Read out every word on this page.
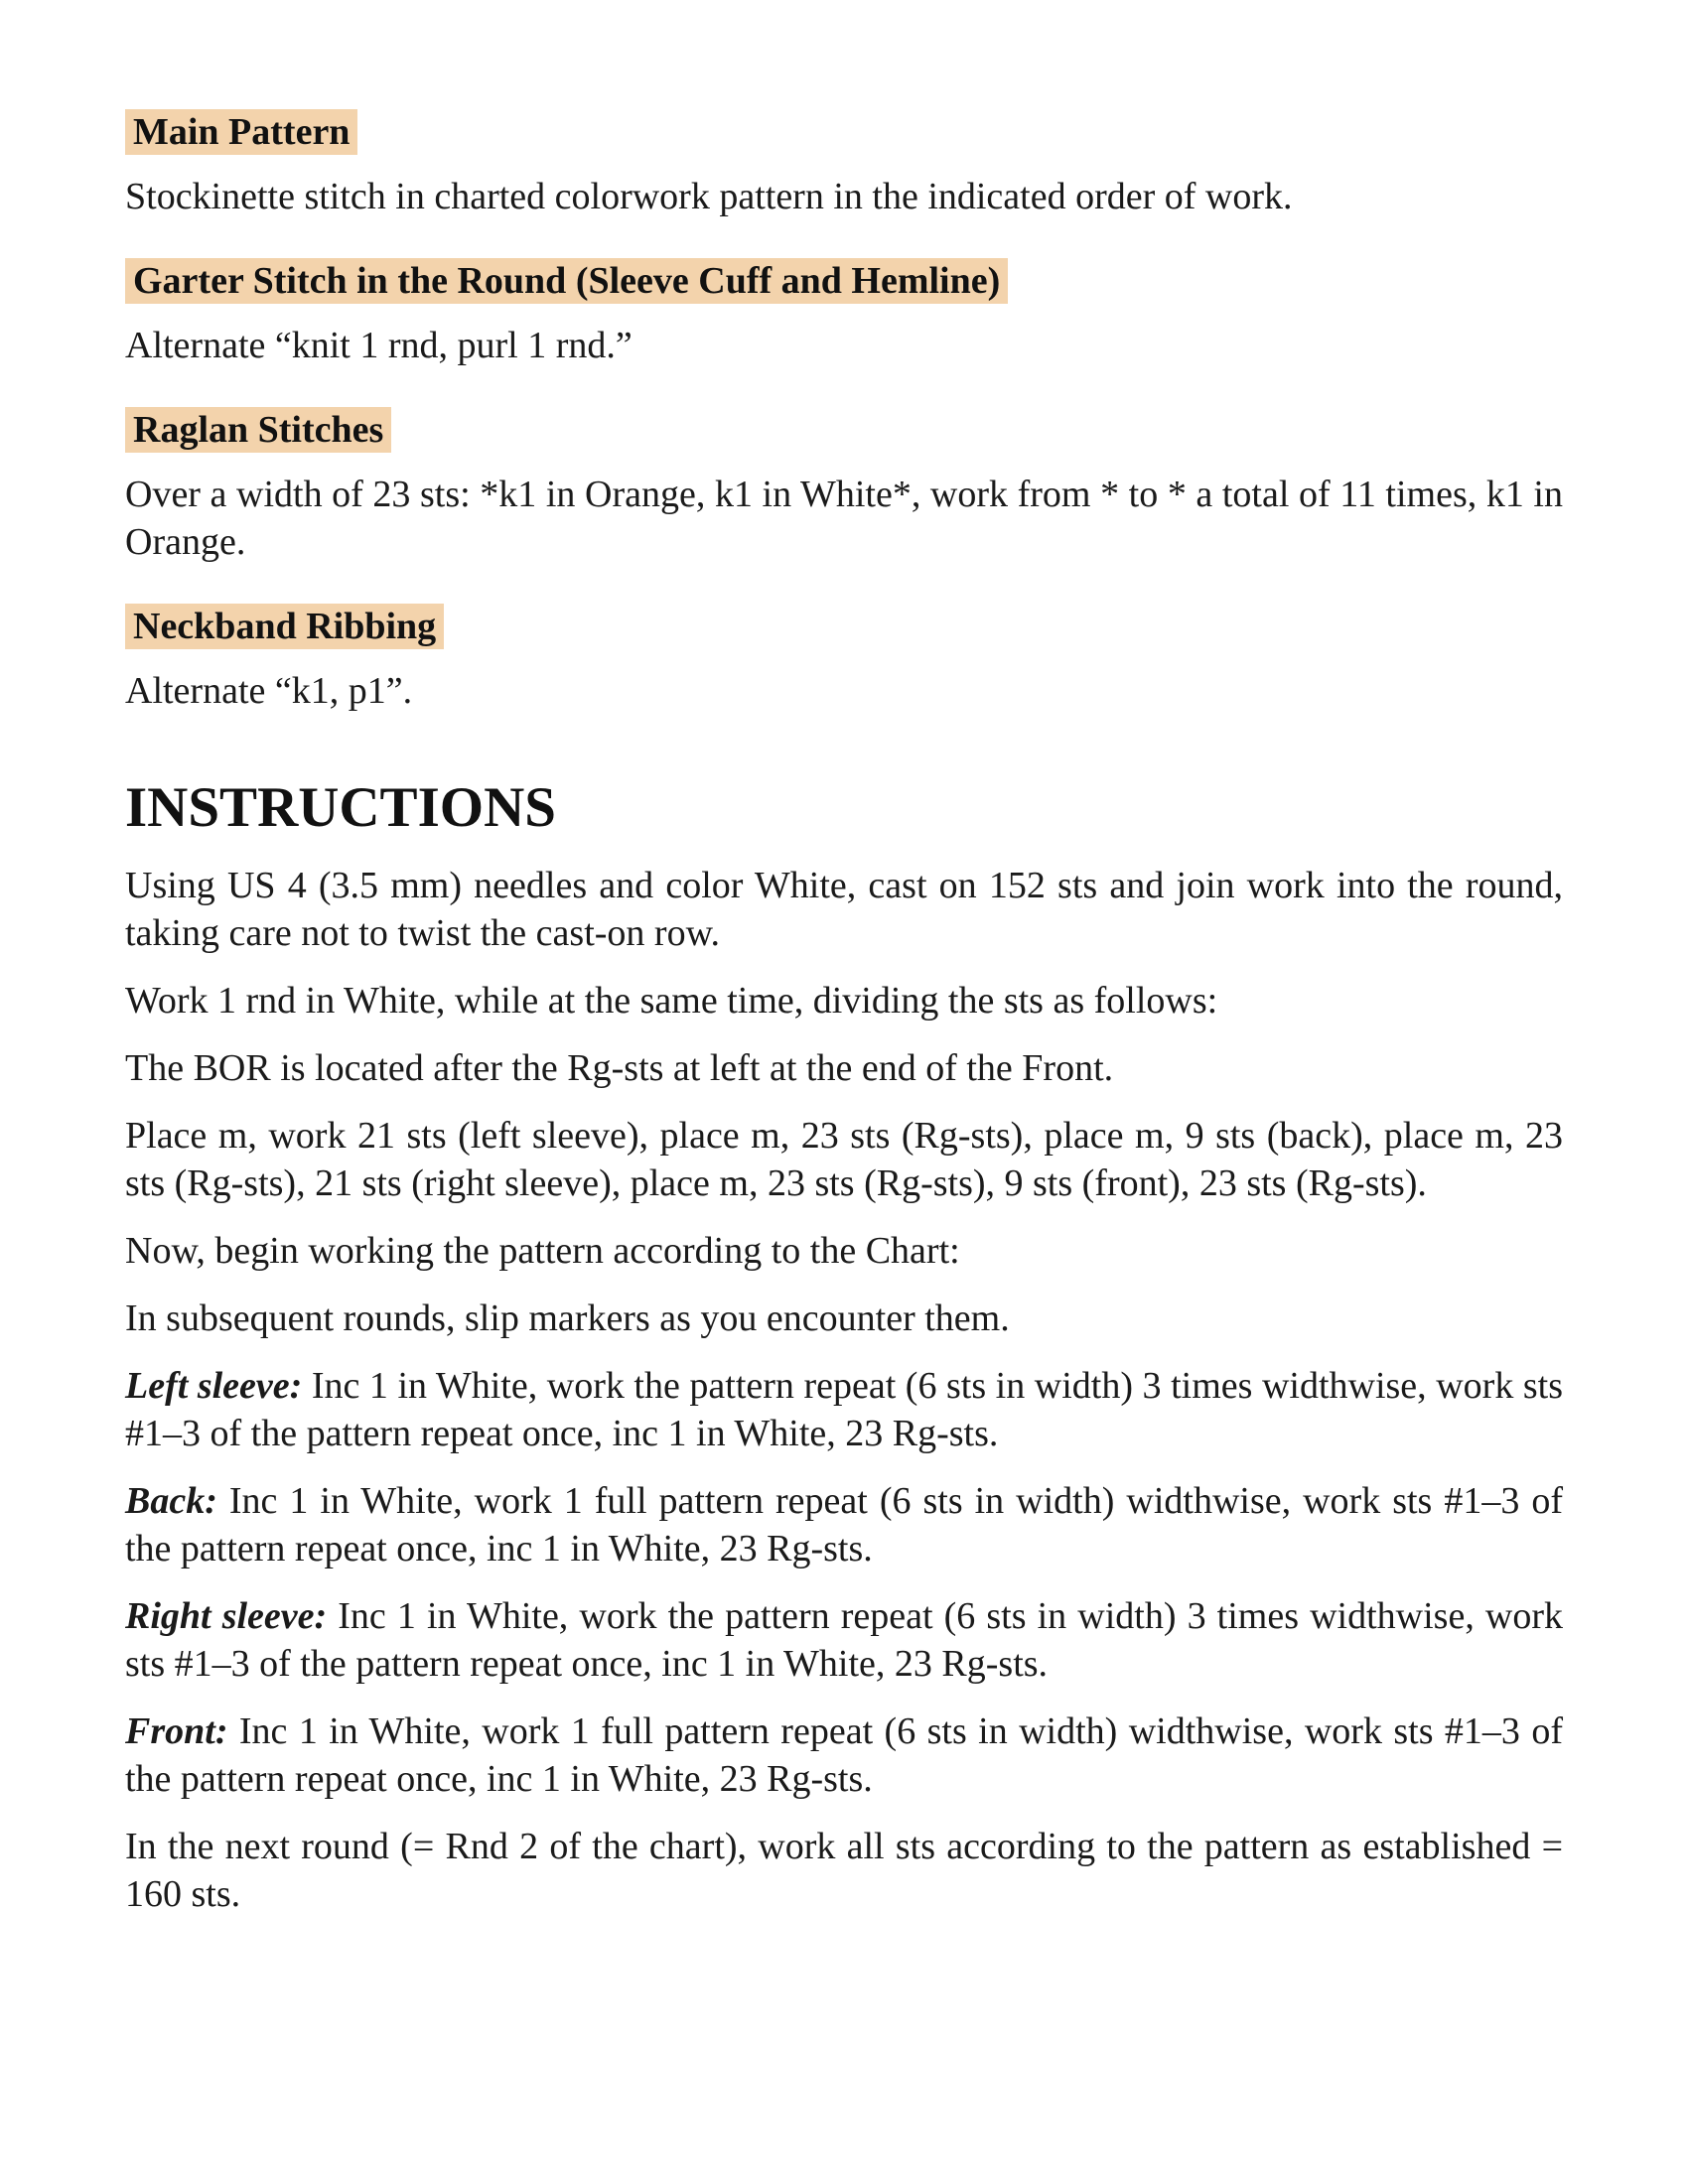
Main Pattern

Stockinette stitch in charted colorwork pattern in the indicated order of work.

Garter Stitch in the Round (Sleeve Cuff and Hemline)

Alternate “knit 1 rnd, purl 1 rnd.”

Raglan Stitches

Over a width of 23 sts: *k1 in Orange, k1 in White*, work from * to * a total of 11 times, k1 in Orange.

Neckband Ribbing

Alternate “k1, p1”.

INSTRUCTIONS

Using US 4 (3.5 mm) needles and color White, cast on 152 sts and join work into the round, taking care not to twist the cast-on row.

Work 1 rnd in White, while at the same time, dividing the sts as follows:

The BOR is located after the Rg-sts at left at the end of the Front.

Place m, work 21 sts (left sleeve), place m, 23 sts (Rg-sts), place m, 9 sts (back), place m, 23 sts (Rg-sts), 21 sts (right sleeve), place m, 23 sts (Rg-sts), 9 sts (front), 23 sts (Rg-sts).

Now, begin working the pattern according to the Chart:

In subsequent rounds, slip markers as you encounter them.

Left sleeve: Inc 1 in White, work the pattern repeat (6 sts in width) 3 times widthwise, work sts #1–3 of the pattern repeat once, inc 1 in White, 23 Rg-sts.

Back: Inc 1 in White, work 1 full pattern repeat (6 sts in width) widthwise, work sts #1–3 of the pattern repeat once, inc 1 in White, 23 Rg-sts.

Right sleeve: Inc 1 in White, work the pattern repeat (6 sts in width) 3 times widthwise, work sts #1–3 of the pattern repeat once, inc 1 in White, 23 Rg-sts.

Front: Inc 1 in White, work 1 full pattern repeat (6 sts in width) widthwise, work sts #1–3 of the pattern repeat once, inc 1 in White, 23 Rg-sts.

In the next round (= Rnd 2 of the chart), work all sts according to the pattern as established = 160 sts.
